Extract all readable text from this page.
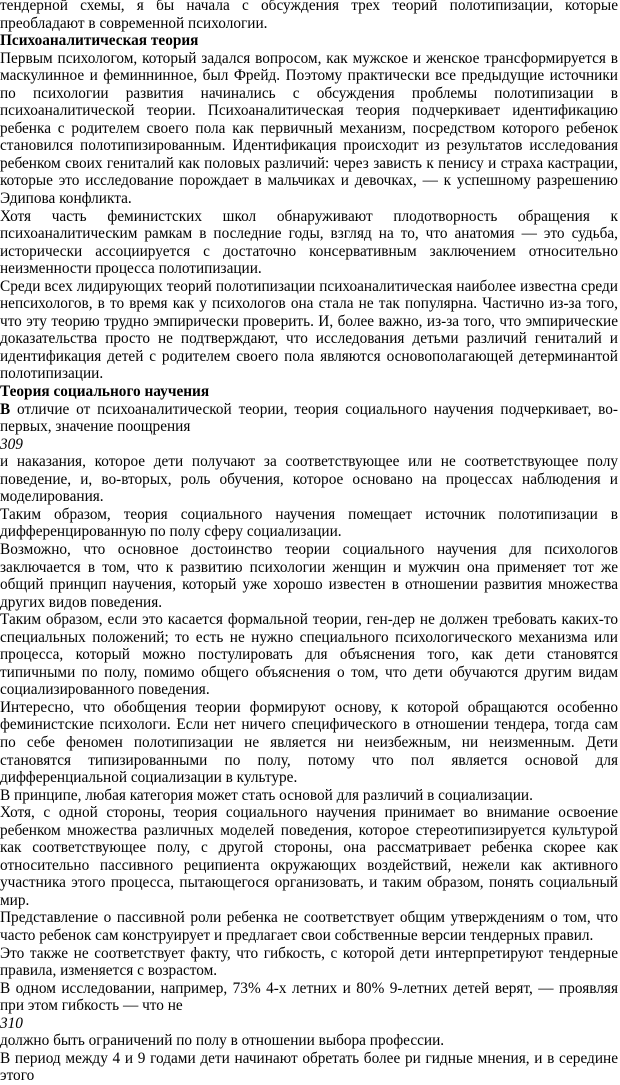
тендерной схемы, я бы начала с обсуждения трех теорий полотипизации, которые преобладают в современной психологии.

Психоаналитическая теория

Первым психологом, который задался вопросом, как мужское и женское трансформируется в маскулинное и феминнинное, был Фрейд. Поэтому практически все предыдущие источники по психологии развития начинались с обсуждения проблемы полотипизации в психоаналитической теории. Психоаналитическая теория подчеркивает идентификацию ребенка с родителем своего пола как первичный механизм, посредством которого ребенок становился полотипизированным. Идентификация происходит из результатов исследования ребенком своих гениталий как половых различий: через зависть к пенису и страха кастрации, которые это исследование порождает в мальчиках и девочках, — к успешному разрешению Эдипова конфликта.

Хотя часть феминистских школ обнаруживают плодотворность обращения к психоаналитическим рамкам в последние годы, взгляд на то, что анатомия — это судьба, исторически ассоциируется с достаточно консервативным заключением относительно неизменности процесса полотипизации.

Среди всех лидирующих теорий полотипизации психоаналитическая наиболее известна среди непсихологов, в то время как у психологов она стала не так популярна. Частично из-за того, что эту теорию трудно эмпирически проверить. И, более важно, из-за того, что эмпирические доказательства просто не подтверждают, что исследования детьми различий гениталий и идентификация детей с родителем своего пола являются основополагающей детерминантой полотипизации.

Теория социального научения

В отличие от психоаналитической теории, теория социального научения подчеркивает, во-первых, значение поощрения

309

и наказания, которое дети получают за соответствующее или не соответствующее полу поведение, и, во-вторых, роль обучения, которое основано на процессах наблюдения и моделирования.

Таким образом, теория социального научения помещает источник полотипизации в дифференцированную по полу сферу социализации.

Возможно, что основное достоинство теории социального научения для психологов заключается в том, что к развитию психологии женщин и мужчин она применяет тот же общий принцип научения, который уже хорошо известен в отношении развития множества других видов поведения.

Таким образом, если это касается формальной теории, ген-дер не должен требовать каких-то специальных положений; то есть не нужно специального психологического механизма или процесса, который можно постулировать для объяснения того, как дети становятся типичными по полу, помимо общего объяснения о том, что дети обучаются другим видам социализированного поведения.

Интересно, что обобщения теории формируют основу, к которой обращаются особенно феминистские психологи. Если нет ничего специфического в отношении тендера, тогда сам по себе феномен полотипизации не является ни неизбежным, ни неизменным. Дети становятся типизированными по полу, потому что пол является основой для дифференциальной социализации в культуре.

В принципе, любая категория может стать основой для различий в социализации.

Хотя, с одной стороны, теория социального научения принимает во внимание освоение ребенком множества различных моделей поведения, которое стереотипизируется культурой как соответствующее полу, с другой стороны, она рассматривает ребенка скорее как относительно пассивного реципиента окружающих воздействий, нежели как активного участника этого процесса, пытающегося организовать, и таким образом, понять социальный мир.

Представление о пассивной роли ребенка не соответствует общим утверждениям о том, что часто ребенок сам конструирует и предлагает свои собственные версии тендерных правил.

Это также не соответствует факту, что гибкость, с которой дети интерпретируют тендерные правила, изменяется с возрастом.

В одном исследовании, например, 73% 4-х летних и 80% 9-летних детей верят, — проявляя при этом гибкость — что не

310

должно быть ограничений по полу в отношении выбора профессии.

В период между 4 и 9 годами дети начинают обретать более ри гидные мнения, и в середине этого
